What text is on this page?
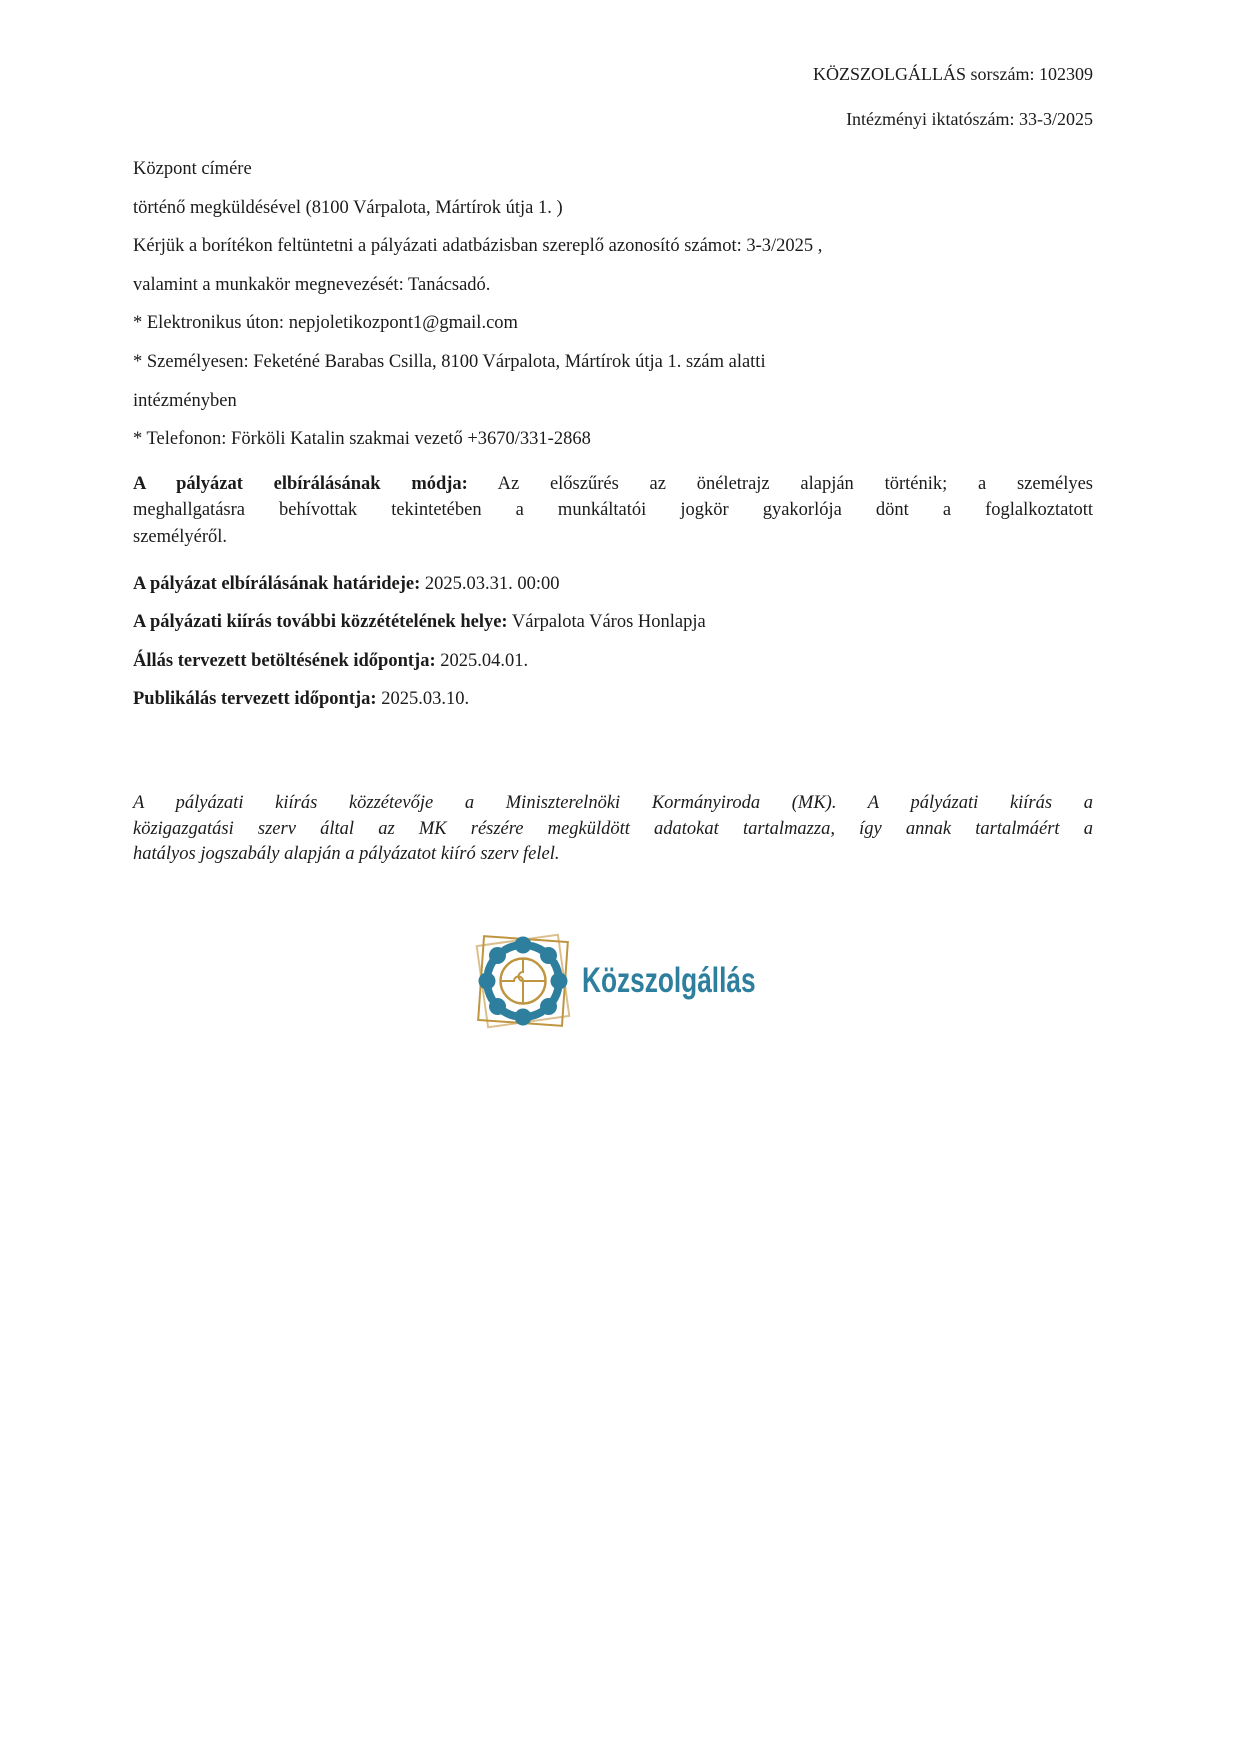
KÖZSZOLGÁLLÁS sorszám: 102309
Intézményi iktatószám: 33-3/2025
Központ címére
történő megküldésével (8100 Várpalota, Mártírok útja 1. )
Kérjük a borítékon feltüntetni a pályázati adatbázisban szereplő azonosító számot: 3-3/2025 ,
valamint a munkakör megnevezését: Tanácsadó.
* Elektronikus úton: nepjoletikozpont1@gmail.com
* Személyesen: Feketéné Barabas Csilla, 8100 Várpalota, Mártírok útja 1. szám alatti
intézményben
* Telefonon: Förköli Katalin szakmai vezető +3670/331-2868
A pályázat elbírálásának módja: Az előszűrés az önéletrajz alapján történik; a személyes
meghallgatásra behívottak tekintetében a munkáltatói jogkör gyakorlója dönt a foglalkoztatott
személyéről.
A pályázat elbírálásának határideje: 2025.03.31. 00:00
A pályázati kiírás további közzétételének helye: Várpalota Város Honlapja
Állás tervezett betöltésének időpontja: 2025.04.01.
Publikálás tervezett időpontja: 2025.03.10.
A pályázati kiírás közzétevője a Miniszterelnöki Kormányiroda (MK). A pályázati kiírás a
közigazgatási szerv által az MK részére megküldött adatokat tartalmazza, így annak tartalmáért a
hatályos jogszabály alapján a pályázatot kiíró szerv felel.
Közszolgállás
